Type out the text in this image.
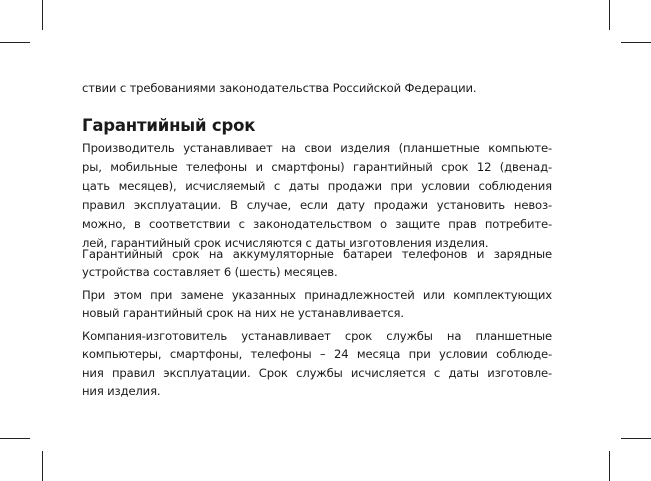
ствии с требованиями законодательства Российской Федерации.
Гарантийный срок
Производитель устанавливает на свои изделия (планшетные компьюте-
ры, мобильные телефоны и смартфоны) гарантийный срок 12 (двенад-
цать месяцев), исчисляемый с даты продажи при условии соблюдения
правил эксплуатации. В случае, если дату продажи установить невоз-
можно, в соответствии с законодательством о защите прав потребите-
лей, гарантийный срок исчисляются с даты изготовления изделия.
Гарантийный срок на аккумуляторные батареи телефонов и зарядные
устройства составляет 6 (шесть) месяцев.
При этом при замене указанных принадлежностей или комплектующих
новый гарантийный срок на них не устанавливается.
Компания-изготовитель устанавливает срок службы на планшетные
компьютеры, смартфоны, телефоны – 24 месяца при условии соблюде-
ния правил эксплуатации. Срок службы исчисляется с даты изготовле-
ния изделия.
